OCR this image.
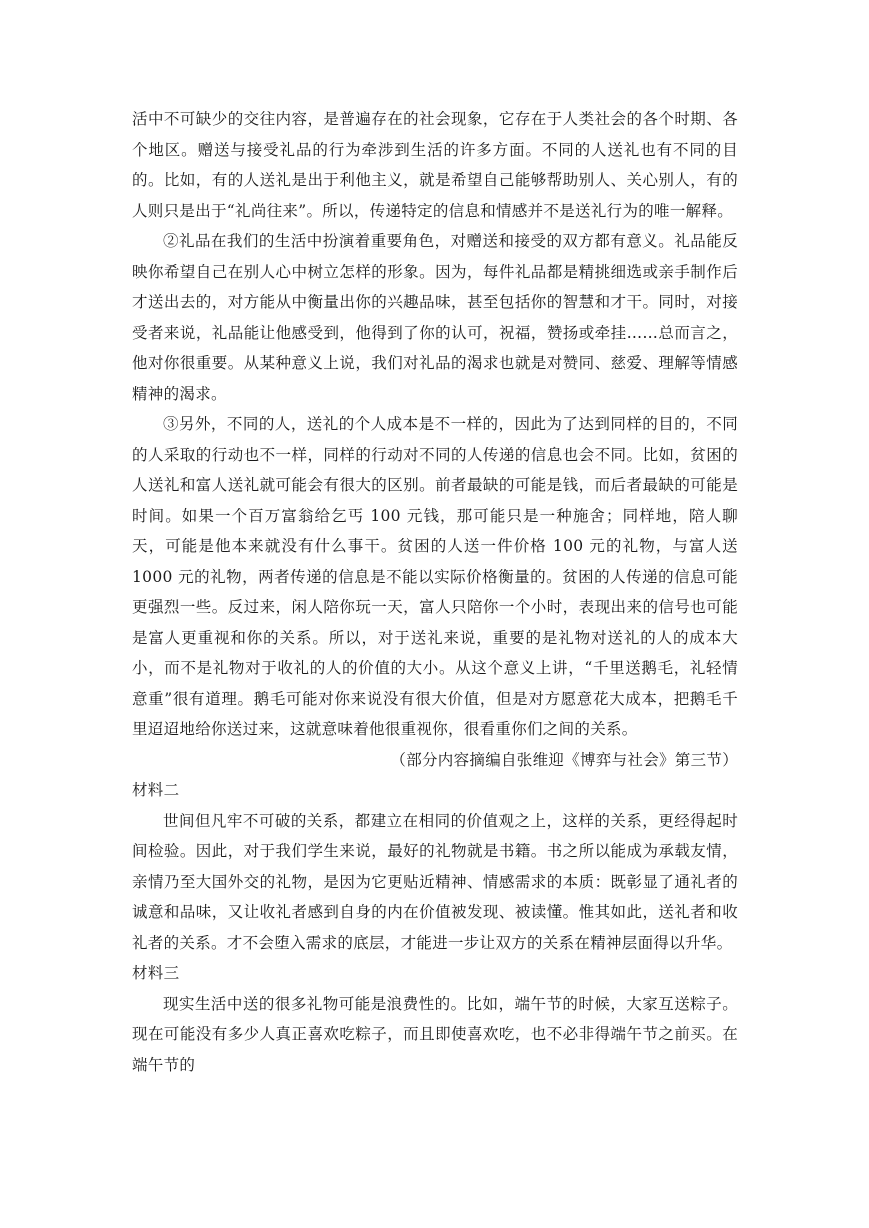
活中不可缺少的交往内容，是普遍存在的社会现象，它存在于人类社会的各个时期、各个地区。赠送与接受礼品的行为牵涉到生活的许多方面。不同的人送礼也有不同的目的。比如，有的人送礼是出于利他主义，就是希望自己能够帮助别人、关心别人，有的人则只是出于“礼尚往来”。所以，传递特定的信息和情感并不是送礼行为的唯一解释。

②礼品在我们的生活中扮演着重要角色，对赠送和接受的双方都有意义。礼品能反映你希望自己在别人心中树立怎样的形象。因为，每件礼品都是精挑细选或亲手制作后才送出去的，对方能从中衡量出你的兴趣品味，甚至包括你的智慧和才干。同时，对接受者来说，礼品能让他感受到，他得到了你的认可，祝福，赞扬或牵挂……总而言之，他对你很重要。从某种意义上说，我们对礼品的渴求也就是对赞同、慈爱、理解等情感精神的渴求。

③另外，不同的人，送礼的个人成本是不一样的，因此为了达到同样的目的，不同的人采取的行动也不一样，同样的行动对不同的人传递的信息也会不同。比如，贫困的人送礼和富人送礼就可能会有很大的区别。前者最缺的可能是钱，而后者最缺的可能是时间。如果一个百万富翁给乞丐 100 元钱，那可能只是一种施舍；同样地，陪人聊天，可能是他本来就没有什么事干。贫困的人送一件价格 100 元的礼物，与富人送 1000 元的礼物，两者传递的信息是不能以实际价格衡量的。贫困的人传递的信息可能更强烈一些。反过来，闲人陪你玩一天，富人只陪你一个小时，表现出来的信号也可能是富人更重视和你的关系。所以，对于送礼来说，重要的是礼物对送礼的人的成本大小，而不是礼物对于收礼的人的价值的大小。从这个意义上讲，“千里送鹅毛，礼轻情意重”很有道理。鹅毛可能对你来说没有很大价值，但是对方愿意花大成本，把鹅毛千里迢迢地给你送过来，这就意味着他很重视你，很看重你们之间的关系。

（部分内容摘编自张维迎《博弈与社会》第三节）

材料二

世间但凡牢不可破的关系，都建立在相同的价值观之上，这样的关系，更经得起时间检验。因此，对于我们学生来说，最好的礼物就是书籍。书之所以能成为承载友情，亲情乃至大国外交的礼物，是因为它更贴近精神、情感需求的本质：既彰显了通礼者的诚意和品味，又让收礼者感到自身的内在价值被发现、被读懂。惟其如此，送礼者和收礼者的关系。才不会堕入需求的底层，才能进一步让双方的关系在精神层面得以升华。

材料三

现实生活中送的很多礼物可能是浪费性的。比如，端午节的时候，大家互送粽子。现在可能没有多少人真正喜欢吃粽子，而且即使喜欢吃，也不必非得端午节之前买。在端午节的
